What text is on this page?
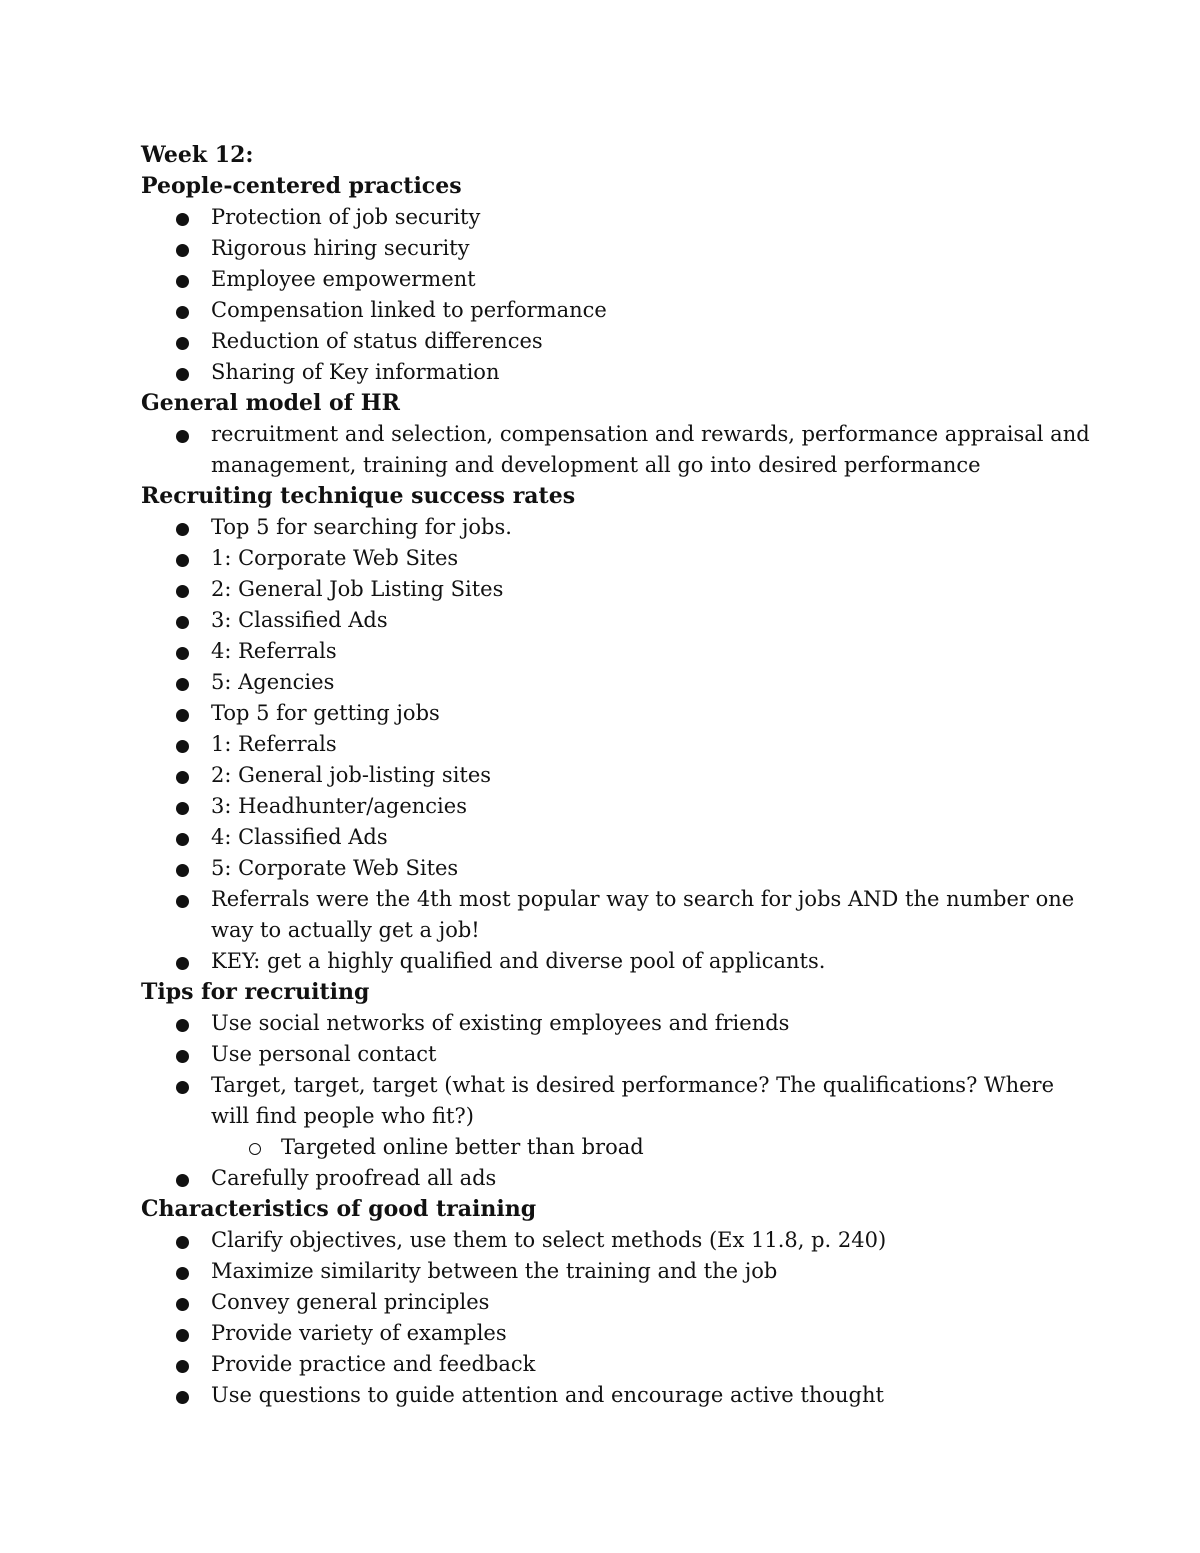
Week 12:
People-centered practices
Protection of job security
Rigorous hiring security
Employee empowerment
Compensation linked to performance
Reduction of status differences
Sharing of Key information
General model of HR
recruitment and selection, compensation and rewards, performance appraisal and management, training and development all go into desired performance
Recruiting technique success rates
Top 5 for searching for jobs.
1: Corporate Web Sites
2: General Job Listing Sites
3: Classified Ads
4: Referrals
5: Agencies
Top 5 for getting jobs
1: Referrals
2: General job-listing sites
3: Headhunter/agencies
4: Classified Ads
5: Corporate Web Sites
Referrals were the 4th most popular way to search for jobs AND the number one way to actually get a job!
KEY: get a highly qualified and diverse pool of applicants.
Tips for recruiting
Use social networks of existing employees and friends
Use personal contact
Target, target, target (what is desired performance? The qualifications? Where will find people who fit?)
Targeted online better than broad
Carefully proofread all ads
Characteristics of good training
Clarify objectives, use them to select methods (Ex 11.8, p. 240)
Maximize similarity between the training and the job
Convey general principles
Provide variety of examples
Provide practice and feedback
Use questions to guide attention and encourage active thought
